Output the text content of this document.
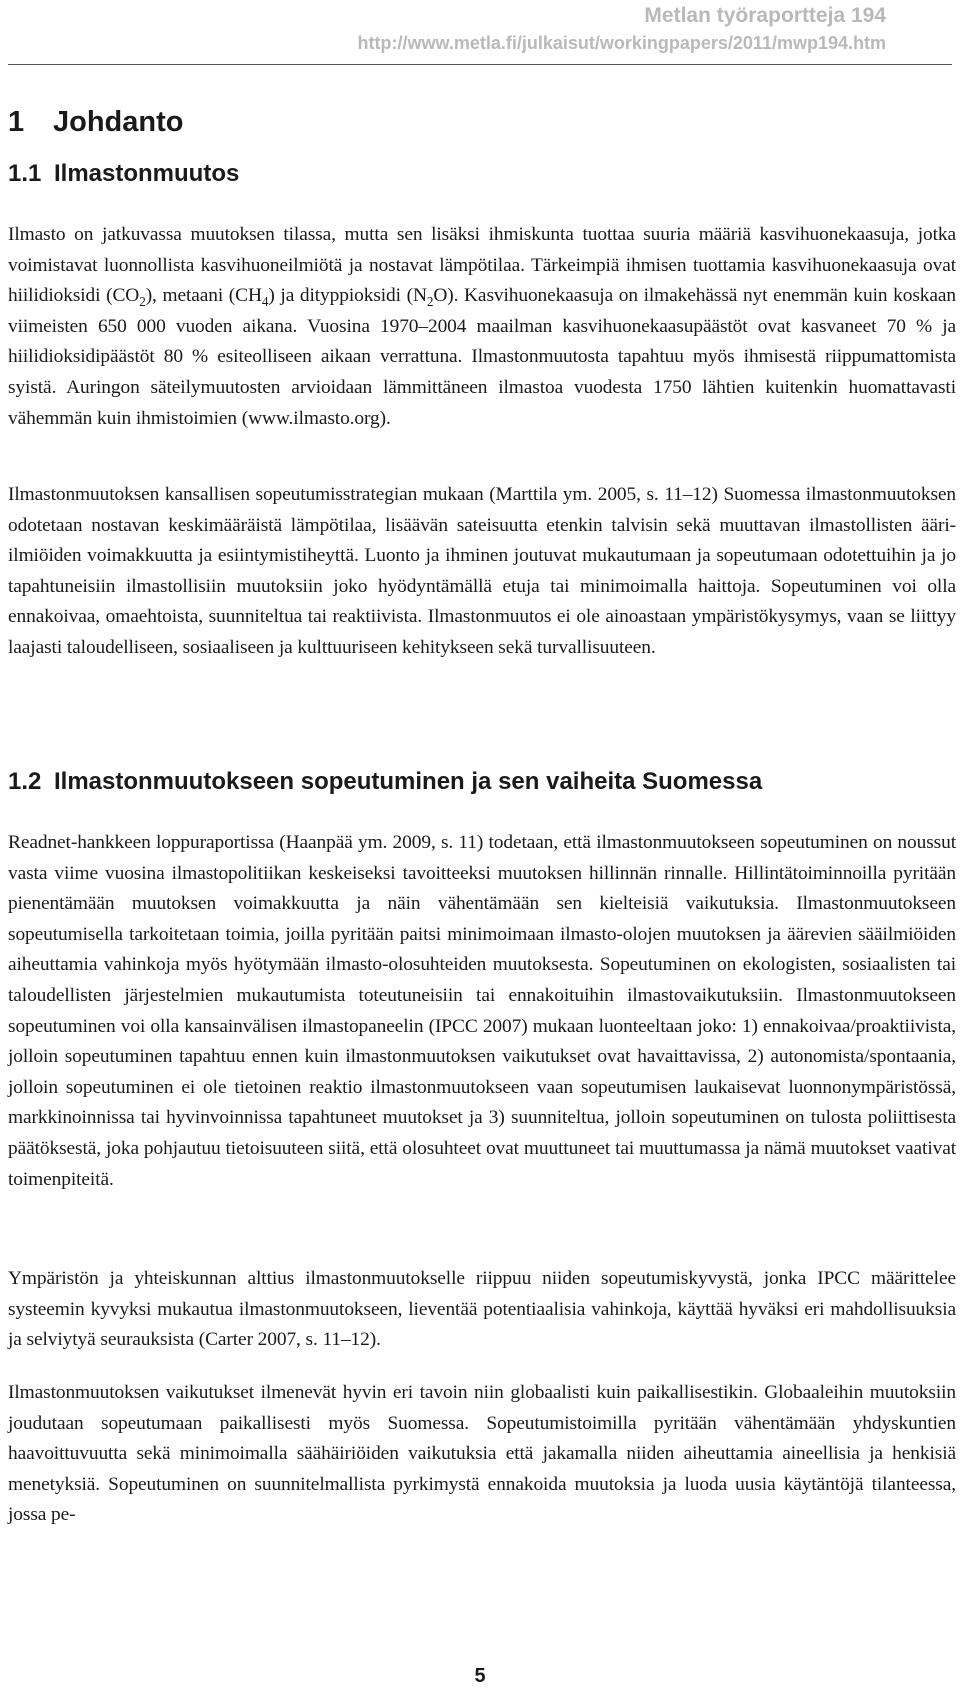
Metlan työraportteja 194
http://www.metla.fi/julkaisut/workingpapers/2011/mwp194.htm
1 Johdanto
1.1 Ilmastonmuutos

Ilmasto on jatkuvassa muutoksen tilassa, mutta sen lisäksi ihmiskunta tuottaa suuria määriä kasvihuonekaasuja, jotka voimistavat luonnollista kasvihuoneilmiötä ja nostavat lämpötilaa. Tärkeimpiä ihmisen tuottamia kasvihuonekaasuja ovat hiilidioksidi $(CO_2)$, metaani $(CH_4)$ ja dityppioksidi $(N_2O)$. Kasvihuonekaasuja on ilmakehässä nyt enemmän kuin koskaan viimeisten 650 000 vuoden aikana. Vuosina 1970–2004 maailman kasvihuonekaasupäästöt ovat kasvaneet 70 % ja hiilidioksidipäästöt 80 % esiteolliseen aikaan verrattuna. Ilmastonmuutosta tapahtuu myös ihmisestä riippumattomista syistä. Auringon säteilymuutosten arvioidaan lämmittäneen ilmastoa vuodesta 1750 lähtien kuitenkin huomattavasti vähemmän kuin ihmistoimien (www.ilmasto.org).

Ilmastonmuutoksen kansallisen sopeutumisstrategian mukaan (Marttila ym. 2005, s. 11–12) Suomessa ilmastonmuutoksen odotetaan nostavan keskimääräistä lämpötilaa, lisäävän sateisuutta etenkin talvisin sekä muuttavan ilmastollisten ääri-ilmiöiden voimakkuutta ja esiintymistiheyttä. Luonto ja ihminen joutuvat mukautumaan ja sopeutumaan odotettuihin ja jo tapahtuneisiin ilmastollisiin muutoksiin joko hyödyntämällä etuja tai minimoimalla haittoja. Sopeutuminen voi olla ennakoivaa, omaehtoista, suunniteltua tai reaktiivista. Ilmastonmuutos ei ole ainoastaan ympäristökysymys, vaan se liittyy laajasti taloudelliseen, sosiaaliseen ja kulttuuriseen kehitykseen sekä turvallisuuteen.

1.2 Ilmastonmuutokseen sopeutuminen ja sen vaiheita Suomessa

Readnet-hankkeen loppuraportissa (Haanpää ym. 2009, s. 11) todetaan, että ilmastonmuutokseen sopeutuminen on noussut vasta viime vuosina ilmastopolitiikan keskeiseksi tavoitteeksi muutoksen hillinnän rinnalle. Hillintätoiminnoilla pyritään pienentämään muutoksen voimakkuutta ja näin vähentämään sen kielteisiä vaikutuksia. Ilmastonmuutokseen sopeutumisella tarkoitetaan toimia, joilla pyritään paitsi minimoimaan ilmasto-olojen muutoksen ja äärevien sääilmiöiden aiheuttamia vahinkoja myös hyötymään ilmasto-olosuhteiden muutoksesta. Sopeutuminen on ekologisten, sosiaalisten tai taloudellisten järjestelmien mukautumista toteutuneisiin tai ennakoituihin ilmastovaikutuksiin. Ilmastonmuutokseen sopeutuminen voi olla kansainvälisen ilmastopaneelin (IPCC 2007) mukaan luonteeltaan joko: 1) ennakoivaa/proaktiivista, jolloin sopeutuminen tapahtuu ennen kuin ilmastonmuutoksen vaikutukset ovat havaittavissa, 2) autonomista/spontaania, jolloin sopeutuminen ei ole tietoinen reaktio ilmastonmuutokseen vaan sopeutumisen laukaisevat luonnonympäristössä, markkinoinnissa tai hyvinvoinnissa tapahtuneet muutokset ja 3) suunniteltua, jolloin sopeutuminen on tulosta poliittisesta päätöksestä, joka pohjautuu tietoisuuteen siitä, että olosuhteet ovat muuttuneet tai muuttumassa ja nämä muutokset vaativat toimenpiteitä.

Ympäristön ja yhteiskunnan alttius ilmastonmuutokselle riippuu niiden sopeutumiskyvystä, jonka IPCC määrittelee systeemin kyvyksi mukautua ilmastonmuutokseen, lieventää potentiaalisia vahinkoja, käyttää hyväksi eri mahdollisuuksia ja selviytyä seurauksista (Carter 2007, s. 11–12).

Ilmastonmuutoksen vaikutukset ilmenevät hyvin eri tavoin niin globaalisti kuin paikallisestikin. Globaaleihin muutoksiin joudutaan sopeutumaan paikallisesti myös Suomessa. Sopeutumistoimilla pyritään vähentämään yhdyskuntien haavoittuvuutta sekä minimoimalla säähäiriöiden vaikutuksia että jakamalla niiden aiheuttamia aineellisia ja henkisiä menetyksiä. Sopeutuminen on suunnitelmallista pyrkimystä ennakoida muutoksia ja luoda uusia käytäntöjä tilanteessa, jossa pe-

5
